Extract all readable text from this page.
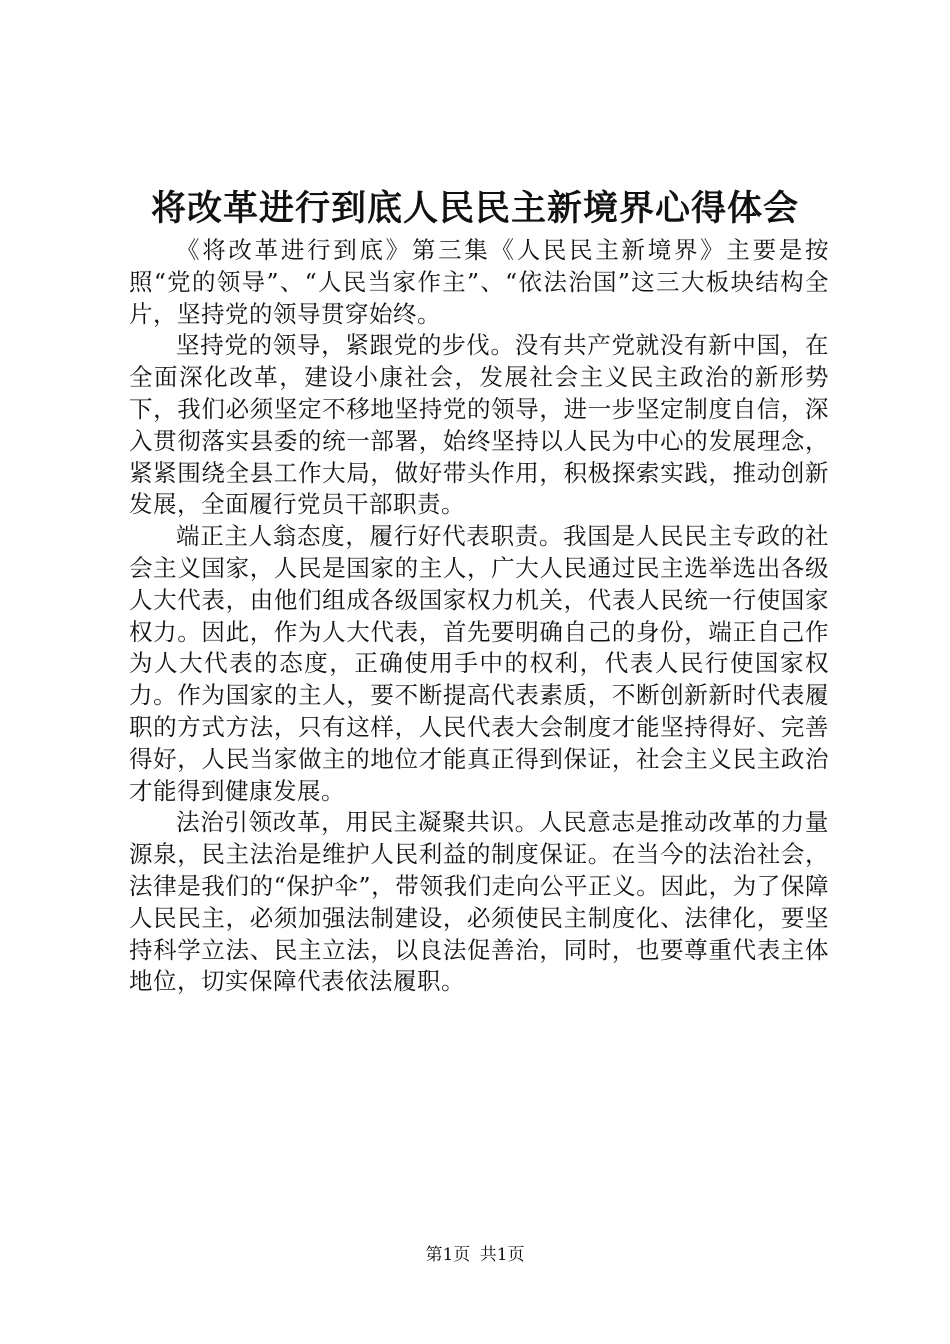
将改革进行到底人民民主新境界心得体会

《将改革进行到底》第三集《人民民主新境界》主要是按照“党的领导”、“人民当家作主”、“依法治国”这三大板块结构全片，坚持党的领导贯穿始终。

坚持党的领导，紧跟党的步伐。没有共产党就没有新中国，在全面深化改革，建设小康社会，发展社会主义民主政治的新形势下，我们必须坚定不移地坚持党的领导，进一步坚定制度自信，深入贯彻落实县委的统一部署，始终坚持以人民为中心的发展理念，紧紧围绕全县工作大局，做好带头作用，积极探索实践，推动创新发展，全面履行党员干部职责。

端正主人翁态度，履行好代表职责。我国是人民民主专政的社会主义国家，人民是国家的主人，广大人民通过民主选举选出各级人大代表，由他们组成各级国家权力机关，代表人民统一行使国家权力。因此，作为人大代表，首先要明确自己的身份，端正自己作为人大代表的态度，正确使用手中的权利，代表人民行使国家权力。作为国家的主人，要不断提高代表素质，不断创新新时代表履职的方式方法，只有这样，人民代表大会制度才能坚持得好、完善得好，人民当家做主的地位才能真正得到保证，社会主义民主政治才能得到健康发展。

法治引领改革，用民主凝聚共识。人民意志是推动改革的力量源泉，民主法治是维护人民利益的制度保证。在当今的法治社会，法律是我们的“保护伞”，带领我们走向公平正义。因此，为了保障人民民主，必须加强法制建设，必须使民主制度化、法律化，要坚持科学立法、民主立法，以良法促善治，同时，也要尊重代表主体地位，切实保障代表依法履职。

第1页 共1页
